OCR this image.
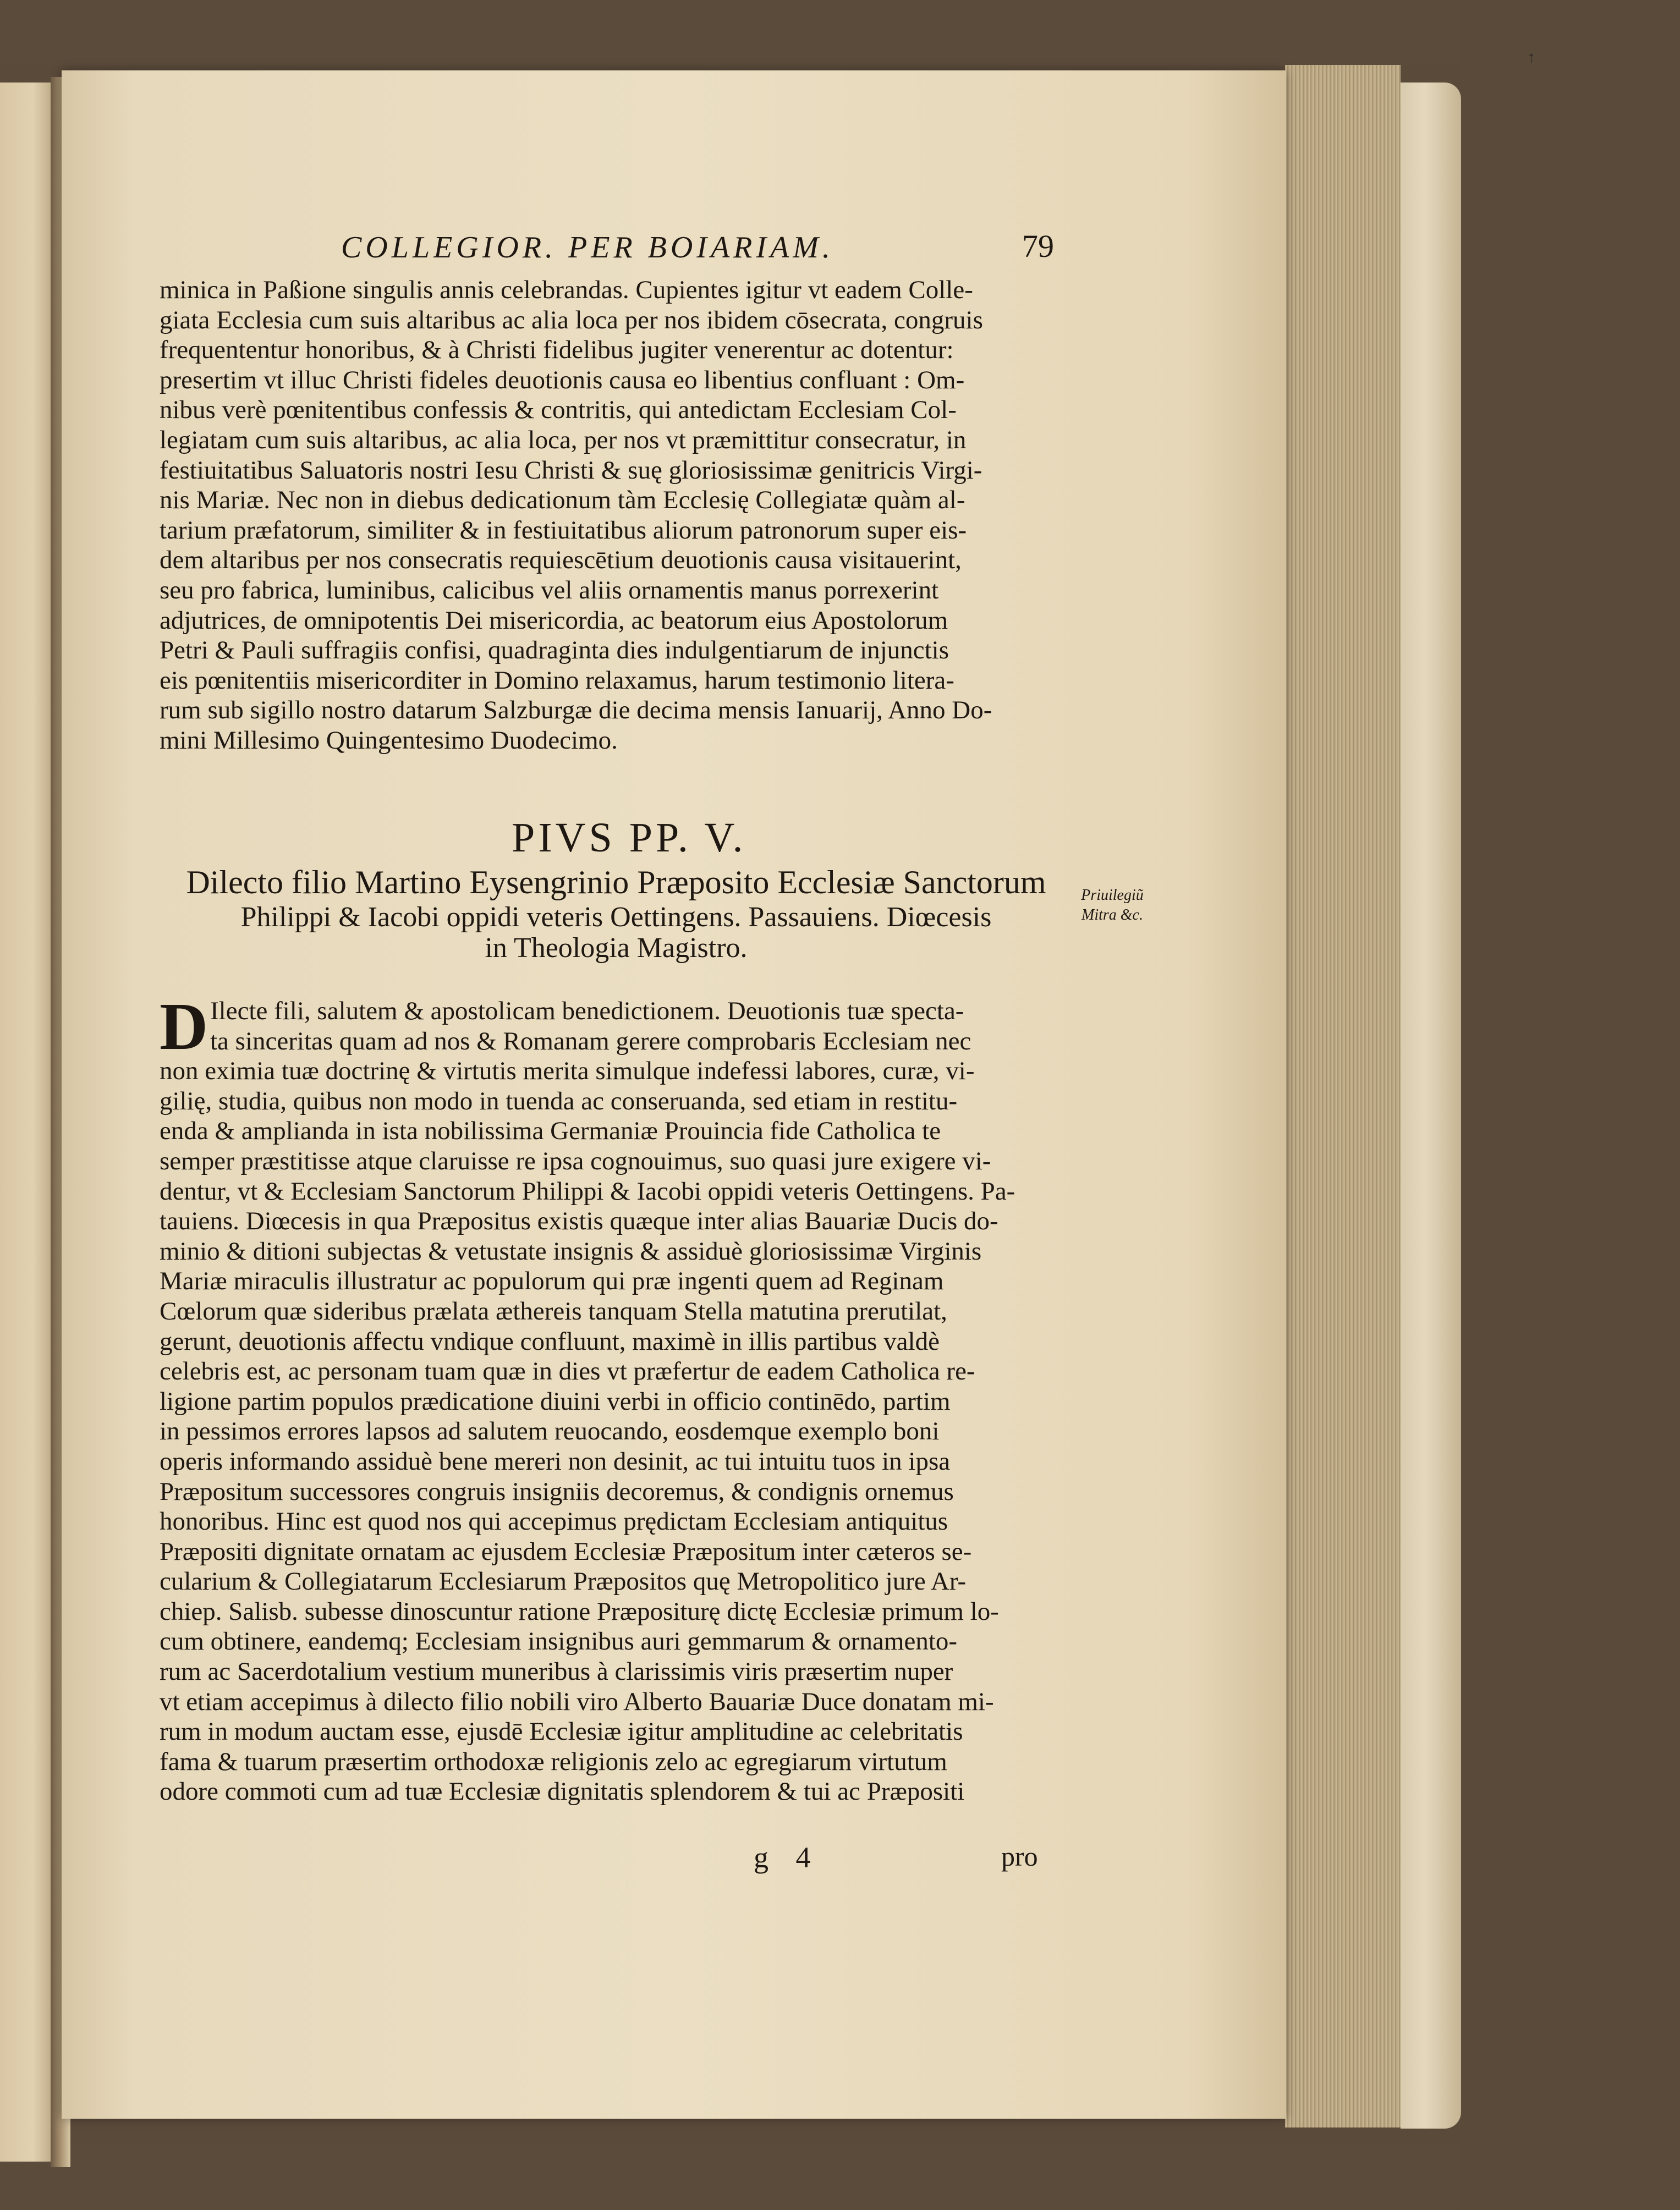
↑
COLLEGIOR. PER BOIARIAM.	79
minica in Paßione singulis annis celebrandas. Cupientes igitur vt eadem Colle-
giata Ecclesia cum suis altaribus ac alia loca per nos ibidem cōsecrata, congruis
frequententur honoribus, & à Christi fidelibus jugiter venerentur ac dotentur:
presertim vt illuc Christi fideles deuotionis causa eo libentius confluant : Om-
nibus verè pœnitentibus confessis & contritis, qui antedictam Ecclesiam Col-
legiatam cum suis altaribus, ac alia loca, per nos vt præmittitur consecratur, in
festiuitatibus Saluatoris nostri Iesu Christi & suę gloriosissimæ genitricis Virgi-
nis Mariæ. Nec non in diebus dedicationum tàm Ecclesię Collegiatæ quàm al-
tarium præfatorum, similiter & in festiuitatibus aliorum patronorum super eis-
dem altaribus per nos consecratis requiescētium deuotionis causa visitauerint,
seu pro fabrica, luminibus, calicibus vel aliis ornamentis manus porrexerint
adjutrices, de omnipotentis Dei misericordia, ac beatorum eius Apostolorum
Petri & Pauli suffragiis confisi, quadraginta dies indulgentiarum de injunctis
eis pœnitentiis misericorditer in Domino relaxamus, harum testimonio litera-
rum sub sigillo nostro datarum Salzburgæ die decima mensis Ianuarij, Anno Do-
mini Millesimo Quingentesimo Duodecimo.
PIVS PP. V.
Dilecto filio Martino Eysengrinio Præposito Ecclesiæ Sanctorum
Philippi & Iacobi oppidi veteris Oettingens. Passauiens. Diœcesis
in Theologia Magistro.
Priuilegiũ
Mitra &c.
D Ilecte fili, salutem & apostolicam benedictionem. Deuotionis tuæ specta-
ta sinceritas quam ad nos & Romanam gerere comprobaris Ecclesiam nec
non eximia tuæ doctrinę & virtutis merita simulque indefessi labores, curæ, vi-
gilię, studia, quibus non modo in tuenda ac conseruanda, sed etiam in restitu-
enda & amplianda in ista nobilissima Germaniæ Prouincia fide Catholica te
semper præstitisse atque claruisse re ipsa cognouimus, suo quasi jure exigere vi-
dentur, vt & Ecclesiam Sanctorum Philippi & Iacobi oppidi veteris Oettingens. Pa-
tauiens. Diœcesis in qua Præpositus existis quæque inter alias Bauariæ Ducis do-
minio & ditioni subjectas & vetustate insignis & assiduè gloriosissimæ Virginis
Mariæ miraculis illustratur ac populorum qui præ ingenti quem ad Reginam
Cœlorum quæ sideribus prælata æthereis tanquam Stella matutina prerutilat,
gerunt, deuotionis affectu vndique confluunt, maximè in illis partibus valdè
celebris est, ac personam tuam quæ in dies vt præfertur de eadem Catholica re-
ligione partim populos prædicatione diuini verbi in officio continēdo, partim
in pessimos errores lapsos ad salutem reuocando, eosdemque exemplo boni
operis informando assiduè bene mereri non desinit, ac tui intuitu tuos in ipsa
Præpositum successores congruis insigniis decoremus, & condignis ornemus
honoribus. Hinc est quod nos qui accepimus prędictam Ecclesiam antiquitus
Præpositi dignitate ornatam ac ejusdem Ecclesiæ Præpositum inter cæteros se-
cularium & Collegiatarum Ecclesiarum Præpositos quę Metropolitico jure Ar-
chiep. Salisb. subesse dinoscuntur ratione Præpositurę dictę Ecclesiæ primum lo-
cum obtinere, eandemq; Ecclesiam insignibus auri gemmarum & ornamento-
rum ac Sacerdotalium vestium muneribus à clarissimis viris præsertim nuper
vt etiam accepimus à dilecto filio nobili viro Alberto Bauariæ Duce donatam mi-
rum in modum auctam esse, ejusdē Ecclesiæ igitur amplitudine ac celebritatis
fama & tuarum præsertim orthodoxæ religionis zelo ac egregiarum virtutum
odore commoti cum ad tuæ Ecclesiæ dignitatis splendorem & tui ac Præpositi
g 4	pro
